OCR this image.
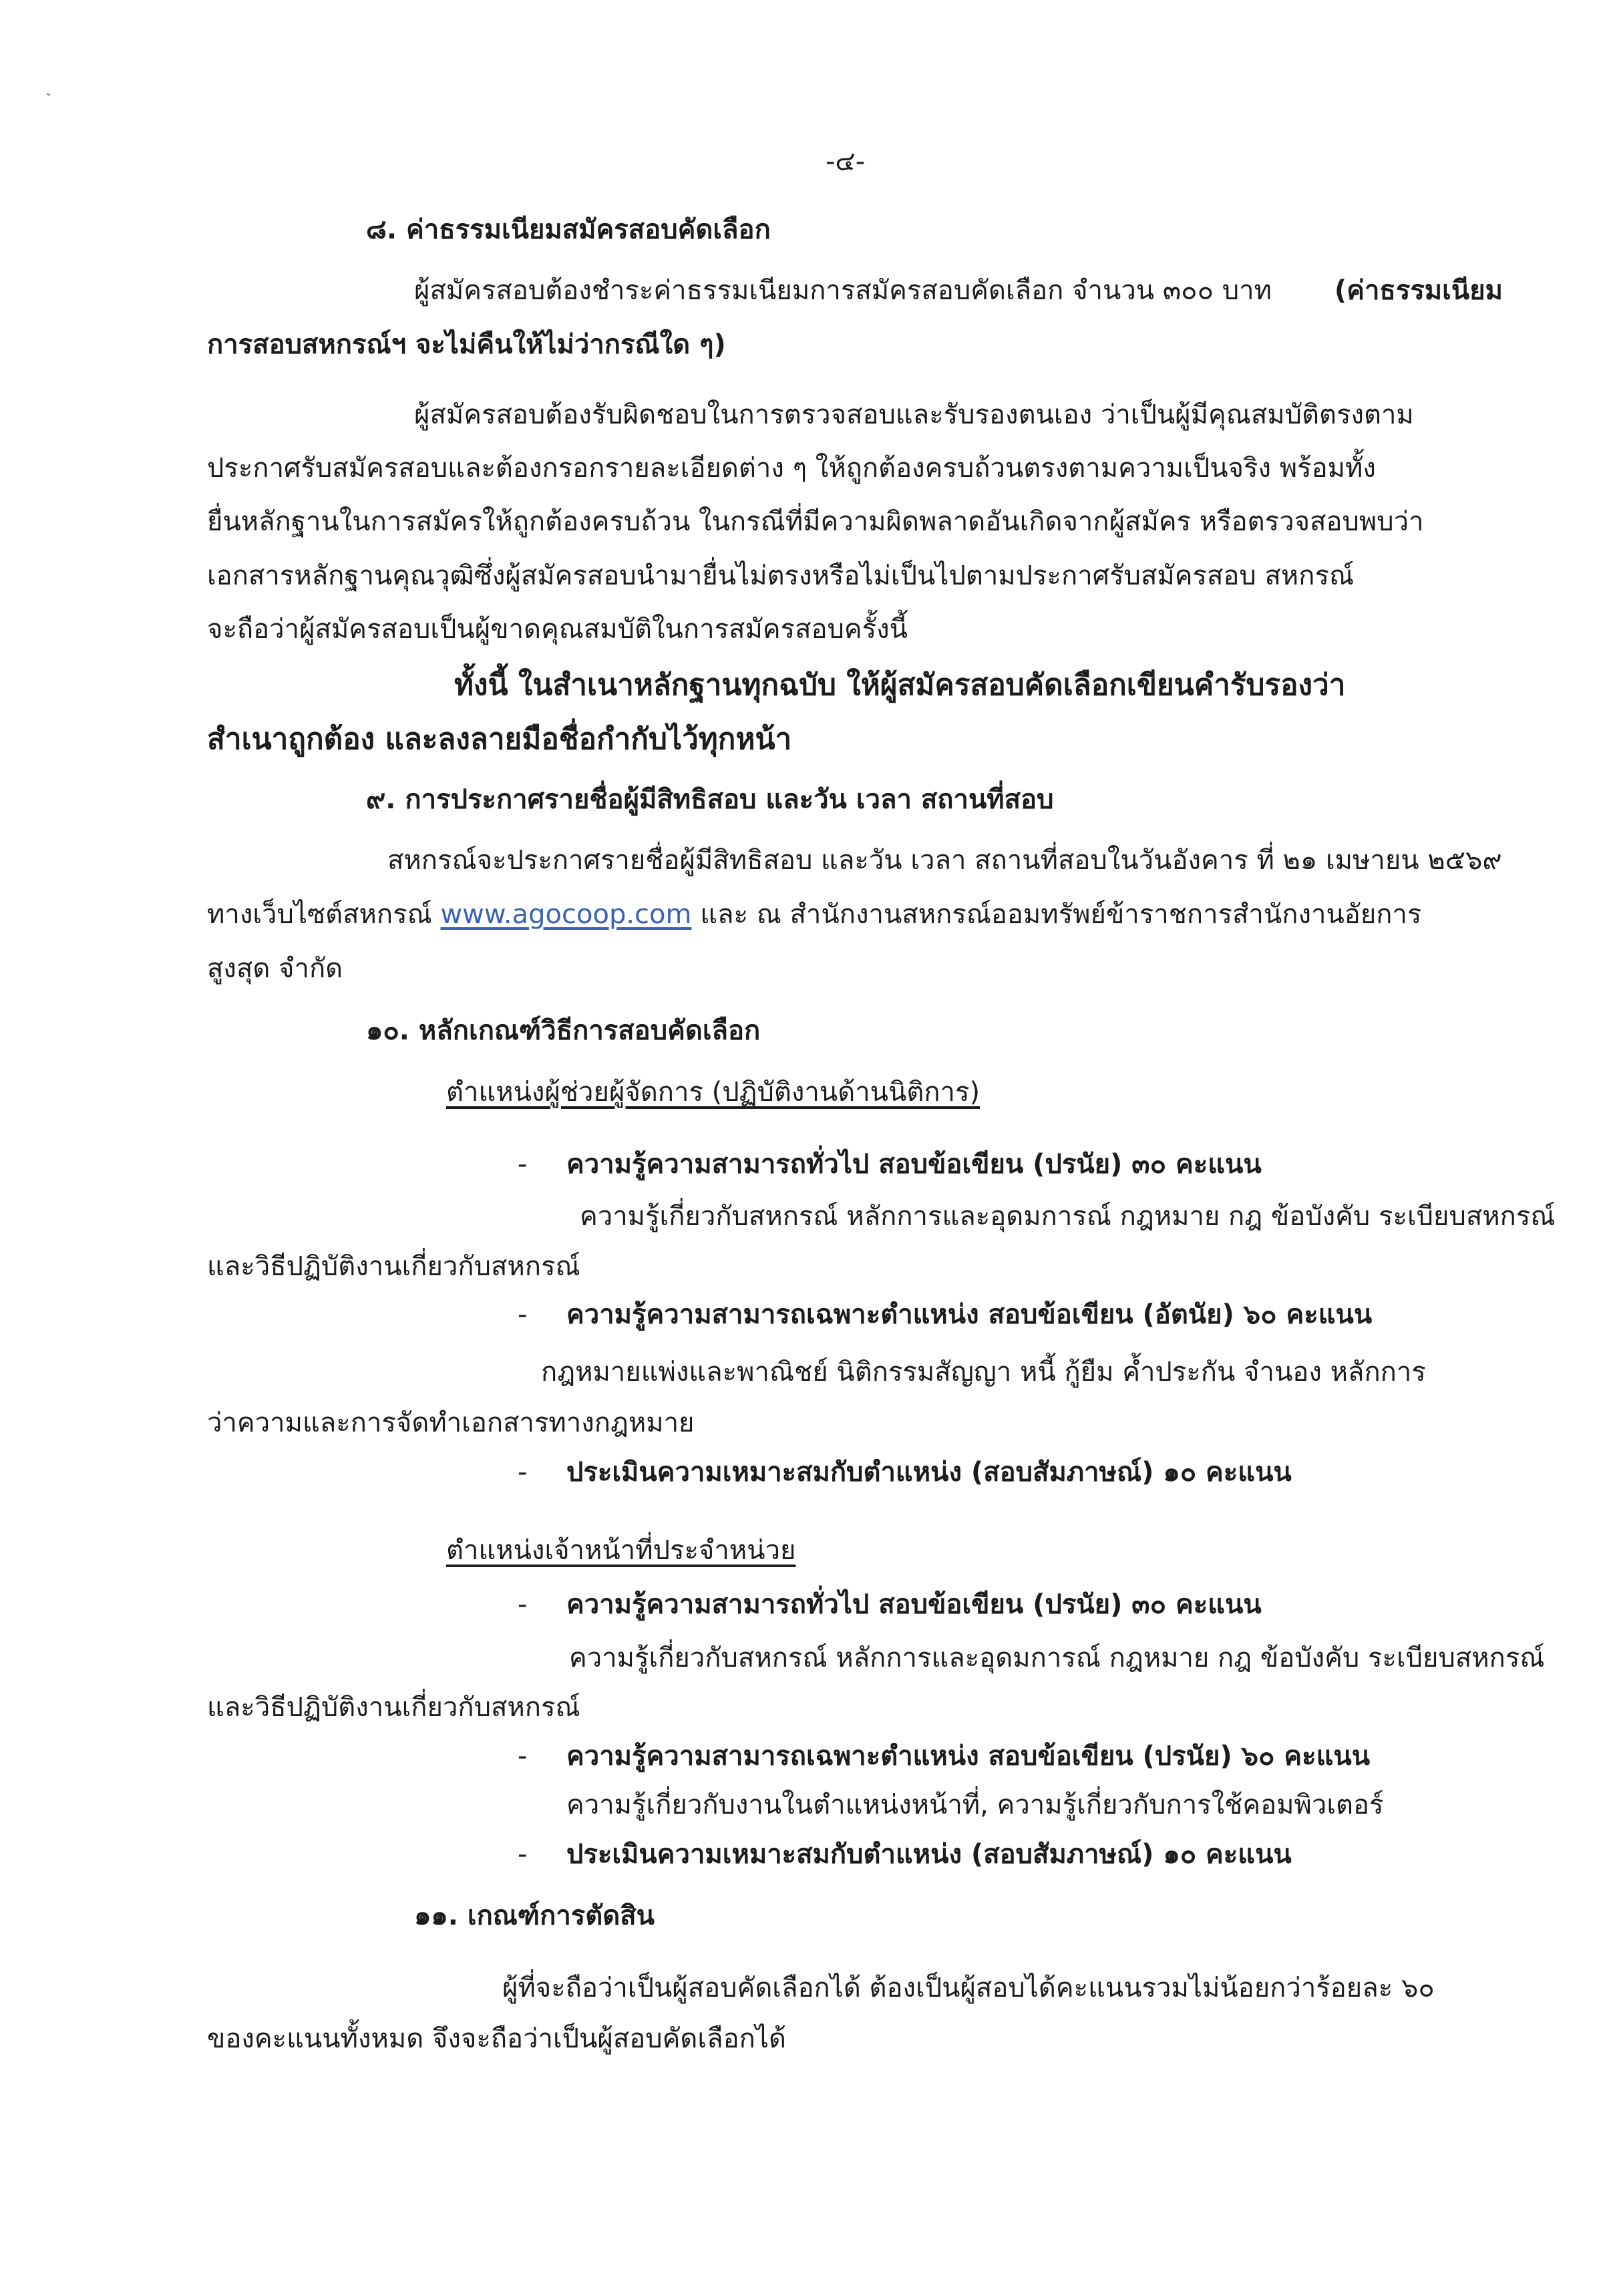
-๔-
๘. ค่าธรรมเนียมสมัครสอบคัดเลือก
ผู้สมัครสอบต้องชำระค่าธรรมเนียมการสมัครสอบคัดเลือก จำนวน ๓๐๐ บาท (ค่าธรรมเนียม
การสอบสหกรณ์ฯ จะไม่คืนให้ไม่ว่ากรณีใด ๆ)
ผู้สมัครสอบต้องรับผิดชอบในการตรวจสอบและรับรองตนเอง ว่าเป็นผู้มีคุณสมบัติตรงตาม
ประกาศรับสมัครสอบและต้องกรอกรายละเอียดต่าง ๆ ให้ถูกต้องครบถ้วนตรงตามความเป็นจริง พร้อมทั้ง
ยื่นหลักฐานในการสมัครให้ถูกต้องครบถ้วน ในกรณีที่มีความผิดพลาดอันเกิดจากผู้สมัคร หรือตรวจสอบพบว่า
เอกสารหลักฐานคุณวุฒิซึ่งผู้สมัครสอบนำมายื่นไม่ตรงหรือไม่เป็นไปตามประกาศรับสมัครสอบ สหกรณ์
จะถือว่าผู้สมัครสอบเป็นผู้ขาดคุณสมบัติในการสมัครสอบครั้งนี้
ทั้งนี้ ในสำเนาหลักฐานทุกฉบับ ให้ผู้สมัครสอบคัดเลือกเขียนคำรับรองว่า
สำเนาถูกต้อง และลงลายมือชื่อกำกับไว้ทุกหน้า
๙. การประกาศรายชื่อผู้มีสิทธิสอบ และวัน เวลา สถานที่สอบ
สหกรณ์จะประกาศรายชื่อผู้มีสิทธิสอบ และวัน เวลา สถานที่สอบในวันอังคาร ที่ ๒๑ เมษายน ๒๕๖๙
ทางเว็บไซต์สหกรณ์ www.agocoop.com และ ณ สำนักงานสหกรณ์ออมทรัพย์ข้าราชการสำนักงานอัยการ
สูงสุด จำกัด
๑๐. หลักเกณฑ์วิธีการสอบคัดเลือก
ตำแหน่งผู้ช่วยผู้จัดการ (ปฏิบัติงานด้านนิติการ)
- ความรู้ความสามารถทั่วไป สอบข้อเขียน (ปรนัย) ๓๐ คะแนน
ความรู้เกี่ยวกับสหกรณ์ หลักการและอุดมการณ์ กฎหมาย กฎ ข้อบังคับ ระเบียบสหกรณ์
และวิธีปฏิบัติงานเกี่ยวกับสหกรณ์
- ความรู้ความสามารถเฉพาะตำแหน่ง สอบข้อเขียน (อัตนัย) ๖๐ คะแนน
กฎหมายแพ่งและพาณิชย์ นิติกรรมสัญญา หนี้ กู้ยืม ค้ำประกัน จำนอง หลักการ
ว่าความและการจัดทำเอกสารทางกฎหมาย
- ประเมินความเหมาะสมกับตำแหน่ง (สอบสัมภาษณ์) ๑๐ คะแนน
ตำแหน่งเจ้าหน้าที่ประจำหน่วย
- ความรู้ความสามารถทั่วไป สอบข้อเขียน (ปรนัย) ๓๐ คะแนน
ความรู้เกี่ยวกับสหกรณ์ หลักการและอุดมการณ์ กฎหมาย กฎ ข้อบังคับ ระเบียบสหกรณ์
และวิธีปฏิบัติงานเกี่ยวกับสหกรณ์
- ความรู้ความสามารถเฉพาะตำแหน่ง สอบข้อเขียน (ปรนัย) ๖๐ คะแนน
ความรู้เกี่ยวกับงานในตำแหน่งหน้าที่, ความรู้เกี่ยวกับการใช้คอมพิวเตอร์
- ประเมินความเหมาะสมกับตำแหน่ง (สอบสัมภาษณ์) ๑๐ คะแนน
๑๑. เกณฑ์การตัดสิน
ผู้ที่จะถือว่าเป็นผู้สอบคัดเลือกได้ ต้องเป็นผู้สอบได้คะแนนรวมไม่น้อยกว่าร้อยละ ๖๐
ของคะแนนทั้งหมด จึงจะถือว่าเป็นผู้สอบคัดเลือกได้
